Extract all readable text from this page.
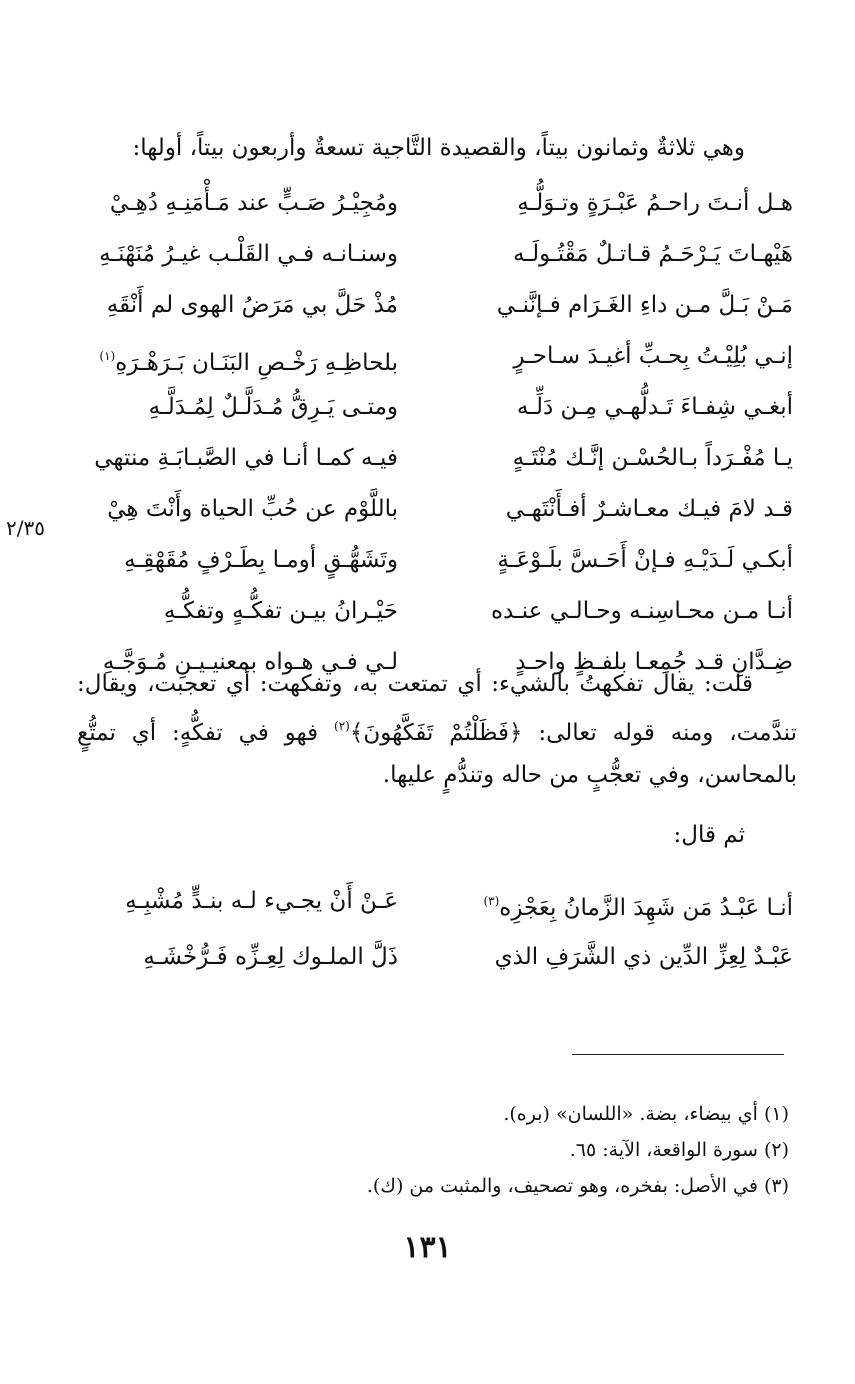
وهي ثلاثةٌ وثمانون بيتاً، والقصيدة التَّاجية تسعةٌ وأربعون بيتاً، أولها:
هـل أنـتَ راحـمُ عَبْـرَةٍ وتـوَلُّـهِ
ومُجِيْـرُ صَـبٍّ عند مَـأْمَنِـهِ دُهِـيْ
هَيْهـاتَ يَـرْحَـمُ قـاتـلٌ مَقْتُـولَـه
وسنـانـه فـي القَلْـب غيـرُ مُنَهْنَـهِ
مَـنْ بَـلَّ مـن داءِ الغَـرَام فـإنَّنـي
مُذْ حَلَّ بي مَرَضُ الهوى لم أَنْقَهِ
إنـي بُلِيْـتُ بِحـبِّ أغيـدَ سـاحـرٍ
بلحاظِـهِ رَخْـصِ البَنَـان بَـرَهْـرَهِ$^{(١)}$
أبغـي شِفـاءَ تَـدلُّهـي مِـن دَلِّـه
ومتـى يَـرِقُّ مُـدَلَّـلٌ لِمُـدَلَّـهِ
يـا مُفْـرَداً بـالحُسْـن إنَّـك مُنْتَـهٍ
فيـه كمـا أنـا في الصَّبـابَـةِ منتهي
قـد لامَ فيـك معـاشـرٌ أفـأَنْتَهـي
باللَّوْم عن حُبِّ الحياة وأَنْتَ هِيْ
أبكـي لَـدَيْـهِ فـإنْ أَحَـسَّ بلَـوْعَـةٍ
وتَشَهُّـقٍ أومـا بِطَـرْفٍ مُقَهْقِـهِ
أنـا مـن محـاسِنـه وحـالـي عنـده
حَيْـرانُ بيـن تفكُّـهٍ وتفكُّـهِ
ضِـدَّانِ قـد جُمِعـا بلفـظٍ واحـدٍ
لـي فـي هـواه بمعنيـيـنِ مُـوَجَّـهِ
٢/٣٥

قلت: يقال تفكهتُ بالشيء: أي تمتعت به، وتفكهت: أي تعجبت، ويقال: تندَّمت، ومنه قوله تعالى: ﴿فَظَلْتُمْ تَفَكَّهُونَ﴾$^{(٢)}$ فهو في تفكُّهٍ: أي تمتُّعٍ بالمحاسن، وفي تعجُّبٍ من حاله وتندُّمٍ عليها.

ثم قال:
أنـا عَبْـدُ مَن شَهِدَ الزَّمانُ بِعَجْزِه$^{(٣)}$
عَـنْ أَنْ يجـيء لـه بنـدٍّ مُشْبِـهِ
عَبْـدٌ لِعِزِّ الدِّين ذي الشَّرَفِ الذي
ذَلَّ الملـوك لِعِـزِّه فَـرُّخْشَـهِ
(١) أي بيضاء، بضة. «اللسان» (بره).
(٢) سورة الواقعة، الآية: ٦٥.
(٣) في الأصل: بفخره، وهو تصحيف، والمثبت من (ك).
١٣١
